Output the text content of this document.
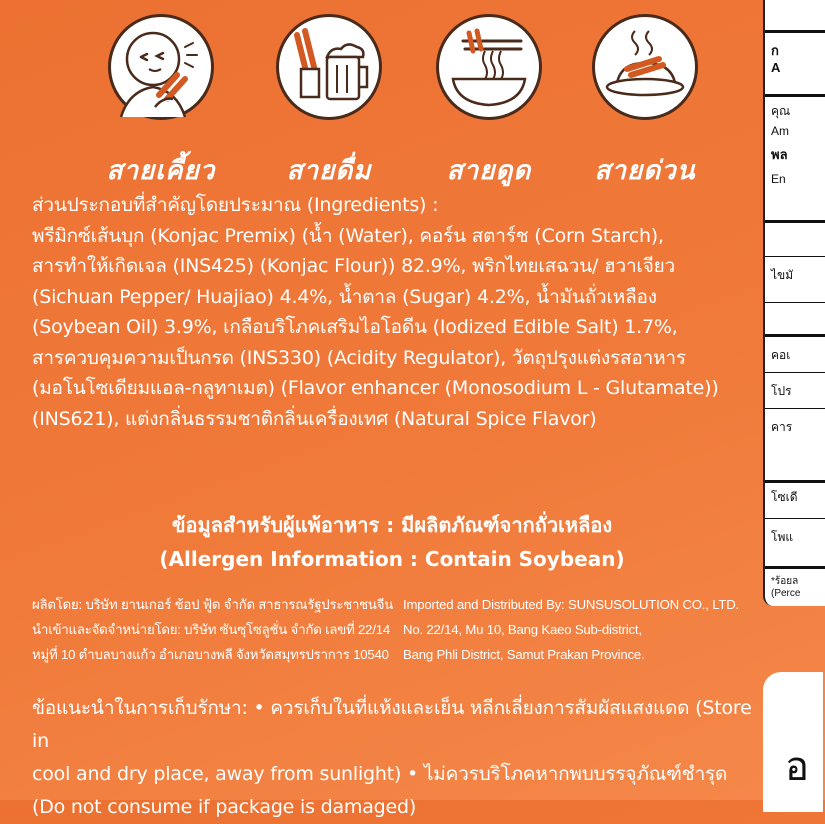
สายเคี้ยว	สายดื่ม	สายดูด	สายด่วน

ส่วนประกอบที่สำคัญโดยประมาณ (Ingredients) :

พรีมิกซ์เส้นบุก (Konjac Premix) (น้ำ (Water), คอร์น สตาร์ช (Corn Starch),

สารทำให้เกิดเจล (INS425) (Konjac Flour)) 82.9%, พริกไทยเสฉวน/ ฮวาเจียว

(Sichuan Pepper/ Huajiao) 4.4%, น้ำตาล (Sugar) 4.2%, น้ำมันถั่วเหลือง

(Soybean Oil) 3.9%, เกลือบริโภคเสริมไอโอดีน (Iodized Edible Salt) 1.7%,

สารควบคุมความเป็นกรด (INS330) (Acidity Regulator), วัตถุปรุงแต่งรสอาหาร

(มอโนโซเดียมแอล-กลูทาเมต) (Flavor enhancer (Monosodium L - Glutamate))

(INS621), แต่งกลิ่นธรรมชาติกลิ่นเครื่องเทศ (Natural Spice Flavor)

ข้อมูลสำหรับผู้แพ้อาหาร : มีผลิตภัณฑ์จากถั่วเหลือง
(Allergen Information : Contain Soybean)
ผลิตโดย: บริษัท ยานเกอร์ ช้อป ฟู้ด จำกัด สาธารณรัฐประชาชนจีน
นำเข้าและจัดจำหน่ายโดย: บริษัท ซันซุโซลูชั่น จำกัด เลขที่ 22/14
หมู่ที่ 10 ตำบลบางแก้ว อำเภอบางพลี จังหวัดสมุทรปราการ 10540
Imported and Distributed By: SUNSUSOLUTION CO., LTD.
No. 22/14, Mu 10, Bang Kaeo Sub-district,
Bang Phli District, Samut Prakan Province.
ข้อแนะนำในการเก็บรักษา: • ควรเก็บในที่แห้งและเย็น หลีกเลี่ยงการสัมผัสแสงแดด (Store in
cool and dry place, away from sunlight) • ไม่ควรบริโภคหากพบบรรจุภัณฑ์ชำรุด
(Do not consume if package is damaged)
ก
A
คุณ
Am
พล
En
ไขมั
คอเ
โปร
คาร
โซเดี
โพแ
*ร้อยล
(Perce
อ
